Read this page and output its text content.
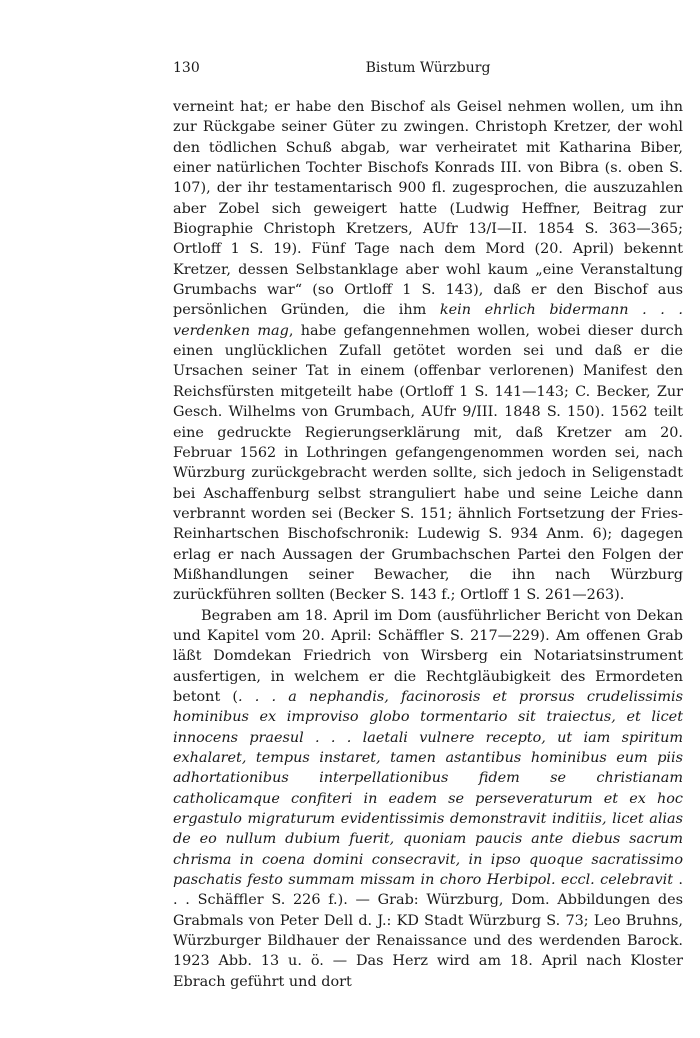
130	Bistum Würzburg

verneint hat; er habe den Bischof als Geisel nehmen wollen, um ihn zur Rückgabe seiner Güter zu zwingen. Christoph Kretzer, der wohl den tödlichen Schuß abgab, war verheiratet mit Katharina Biber, einer natürlichen Tochter Bischofs Konrads III. von Bibra (s. oben S. 107), der ihr testamentarisch 900 fl. zugesprochen, die auszuzahlen aber Zobel sich geweigert hatte (Ludwig Heffner, Beitrag zur Biographie Christoph Kretzers, AUfr 13/I—II. 1854 S. 363—365; Ortloff 1 S. 19). Fünf Tage nach dem Mord (20. April) bekennt Kretzer, dessen Selbstanklage aber wohl kaum „eine Veranstaltung Grumbachs war“ (so Ortloff 1 S. 143), daß er den Bischof aus persönlichen Gründen, die ihm kein ehrlich bidermann . . . verdenken mag, habe gefangennehmen wollen, wobei dieser durch einen unglücklichen Zufall getötet worden sei und daß er die Ursachen seiner Tat in einem (offenbar verlorenen) Manifest den Reichsfürsten mitgeteilt habe (Ortloff 1 S. 141—143; C. Becker, Zur Gesch. Wilhelms von Grumbach, AUfr 9/III. 1848 S. 150). 1562 teilt eine gedruckte Regierungserklärung mit, daß Kretzer am 20. Februar 1562 in Lothringen gefangengenommen worden sei, nach Würzburg zurückgebracht werden sollte, sich jedoch in Seligenstadt bei Aschaffenburg selbst stranguliert habe und seine Leiche dann verbrannt worden sei (Becker S. 151; ähnlich Fortsetzung der Fries-Reinhartschen Bischofschronik: Ludewig S. 934 Anm. 6); dagegen erlag er nach Aussagen der Grumbachschen Partei den Folgen der Mißhandlungen seiner Bewacher, die ihn nach Würzburg zurückführen sollten (Becker S. 143 f.; Ortloff 1 S. 261—263).

Begraben am 18. April im Dom (ausführlicher Bericht von Dekan und Kapitel vom 20. April: Schäffler S. 217—229). Am offenen Grab läßt Domdekan Friedrich von Wirsberg ein Notariatsinstrument ausfertigen, in welchem er die Rechtgläubigkeit des Ermordeten betont (. . . a nephandis, facinorosis et prorsus crudelissimis hominibus ex improviso globo tormentario sit traiectus, et licet innocens praesul . . . laetali vulnere recepto, ut iam spiritum exhalaret, tempus instaret, tamen astantibus hominibus eum piis adhortationibus interpellationibus fidem se christianam catholicamque confiteri in eadem se perseveraturum et ex hoc ergastulo migraturum evidentissimis demonstravit inditiis, licet alias de eo nullum dubium fuerit, quoniam paucis ante diebus sacrum chrisma in coena domini consecravit, in ipso quoque sacratissimo paschatis festo summam missam in choro Herbipol. eccl. celebravit . . . Schäffler S. 226 f.). — Grab: Würzburg, Dom. Abbildungen des Grabmals von Peter Dell d. J.: KD Stadt Würzburg S. 73; Leo Bruhns, Würzburger Bildhauer der Renaissance und des werdenden Barock. 1923 Abb. 13 u. ö. — Das Herz wird am 18. April nach Kloster Ebrach geführt und dort
